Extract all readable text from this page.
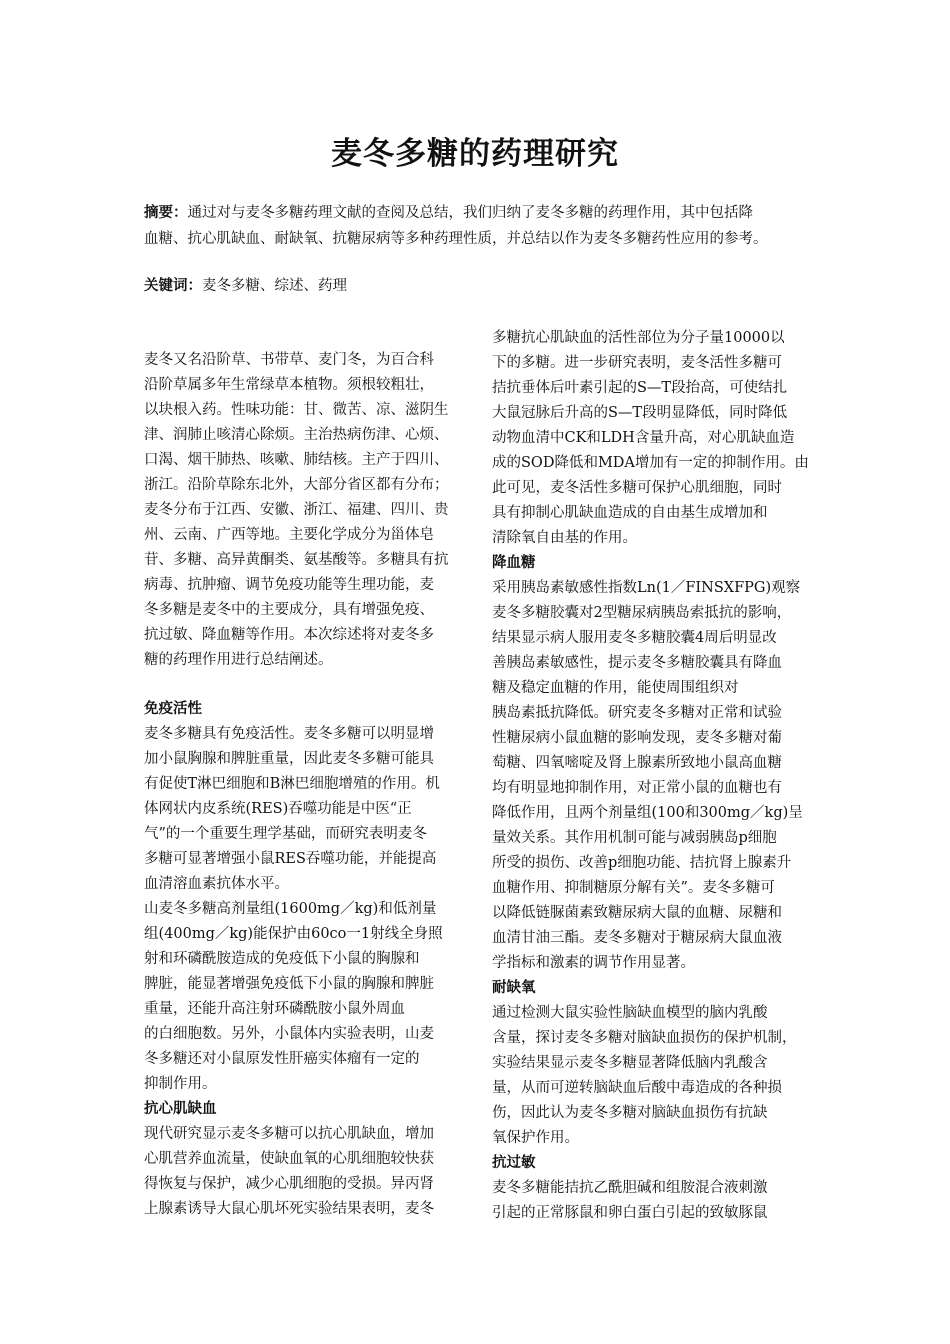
麦冬多糖的药理研究
摘要：通过对与麦冬多糖药理文献的查阅及总结，我们归纳了麦冬多糖的药理作用，其中包括降
血糖、抗心肌缺血、耐缺氧、抗糖尿病等多种药理性质，并总结以作为麦冬多糖药性应用的参考。
关键词：麦冬多糖、综述、药理
麦冬又名沿阶草、书带草、麦门冬，为百合科
沿阶草属多年生常绿草本植物。须根较粗壮，
以块根入药。性味功能：甘、微苦、凉、滋阴生
津、润肺止咳清心除烦。主治热病伤津、心烦、
口渴、烟干肺热、咳嗽、肺结核。主产于四川、
浙江。沿阶草除东北外，大部分省区都有分布；
麦冬分布于江西、安徽、浙江、福建、四川、贵
州、云南、广西等地。主要化学成分为甾体皂
苷、多糖、高异黄酮类、氨基酸等。多糖具有抗
病毒、抗肿瘤、调节免疫功能等生理功能，麦
冬多糖是麦冬中的主要成分，具有增强免疫、
抗过敏、降血糖等作用。本次综述将对麦冬多
糖的药理作用进行总结阐述。
免疫活性
麦冬多糖具有免疫活性。麦冬多糖可以明显增
加小鼠胸腺和脾脏重量，因此麦冬多糖可能具
有促使T淋巴细胞和B淋巴细胞增殖的作用。机
体网状内皮系统(RES)吞噬功能是中医“正
气”的一个重要生理学基础，而研究表明麦冬
多糖可显著增强小鼠RES吞噬功能，并能提高
血清溶血素抗体水平。
山麦冬多糖高剂量组(1600mg／kg)和低剂量
组(400mg／kg)能保护由60co一1射线全身照
射和环磷酰胺造成的免疫低下小鼠的胸腺和
脾脏，能显著增强免疫低下小鼠的胸腺和脾脏
重量，还能升高注射环磷酰胺小鼠外周血
的白细胞数。另外，小鼠体内实验表明，山麦
冬多糖还对小鼠原发性肝癌实体瘤有一定的
抑制作用。
抗心肌缺血
现代研究显示麦冬多糖可以抗心肌缺血，增加
心肌营养血流量，使缺血氧的心肌细胞较快获
得恢复与保护，减少心肌细胞的受损。异丙肾
上腺素诱导大鼠心肌坏死实验结果表明，麦冬
多糖抗心肌缺血的活性部位为分子量10000以
下的多糖。进一步研究表明，麦冬活性多糖可
拮抗垂体后叶素引起的S—T段抬高，可使结扎
大鼠冠脉后升高的S—T段明显降低，同时降低
动物血清中CK和LDH含量升高，对心肌缺血造
成的SOD降低和MDA增加有一定的抑制作用。由
此可见，麦冬活性多糖可保护心肌细胞，同时
具有抑制心肌缺血造成的自由基生成增加和
清除氧自由基的作用。
降血糖
采用胰岛素敏感性指数Ln(1／FINSXFPG)观察
麦冬多糖胶囊对2型糖尿病胰岛索抵抗的影响，
结果显示病人服用麦冬多糖胶囊4周后明显改
善胰岛素敏感性，提示麦冬多糖胶囊具有降血
糖及稳定血糖的作用，能使周围组织对
胰岛素抵抗降低。研究麦冬多糖对正常和试验
性糖尿病小鼠血糖的影响发现，麦冬多糖对葡
萄糖、四氧嘧啶及肾上腺素所致地小鼠高血糖
均有明显地抑制作用，对正常小鼠的血糖也有
降低作用，且两个剂量组(100和300mg／kg)呈
量效关系。其作用机制可能与减弱胰岛p细胞
所受的损伤、改善p细胞功能、拮抗肾上腺素升
血糖作用、抑制糖原分解有关”。麦冬多糖可
以降低链脲菌素致糖尿病大鼠的血糖、尿糖和
血清甘油三酯。麦冬多糖对于糖尿病大鼠血液
学指标和激素的调节作用显著。
耐缺氧
通过检测大鼠实验性脑缺血模型的脑内乳酸
含量，探讨麦冬多糖对脑缺血损伤的保护机制，
实验结果显示麦冬多糖显著降低脑内乳酸含
量，从而可逆转脑缺血后酸中毒造成的各种损
伤，因此认为麦冬多糖对脑缺血损伤有抗缺
氧保护作用。
抗过敏
麦冬多糖能拮抗乙酰胆碱和组胺混合液刺激
引起的正常豚鼠和卵白蛋白引起的致敏豚鼠
